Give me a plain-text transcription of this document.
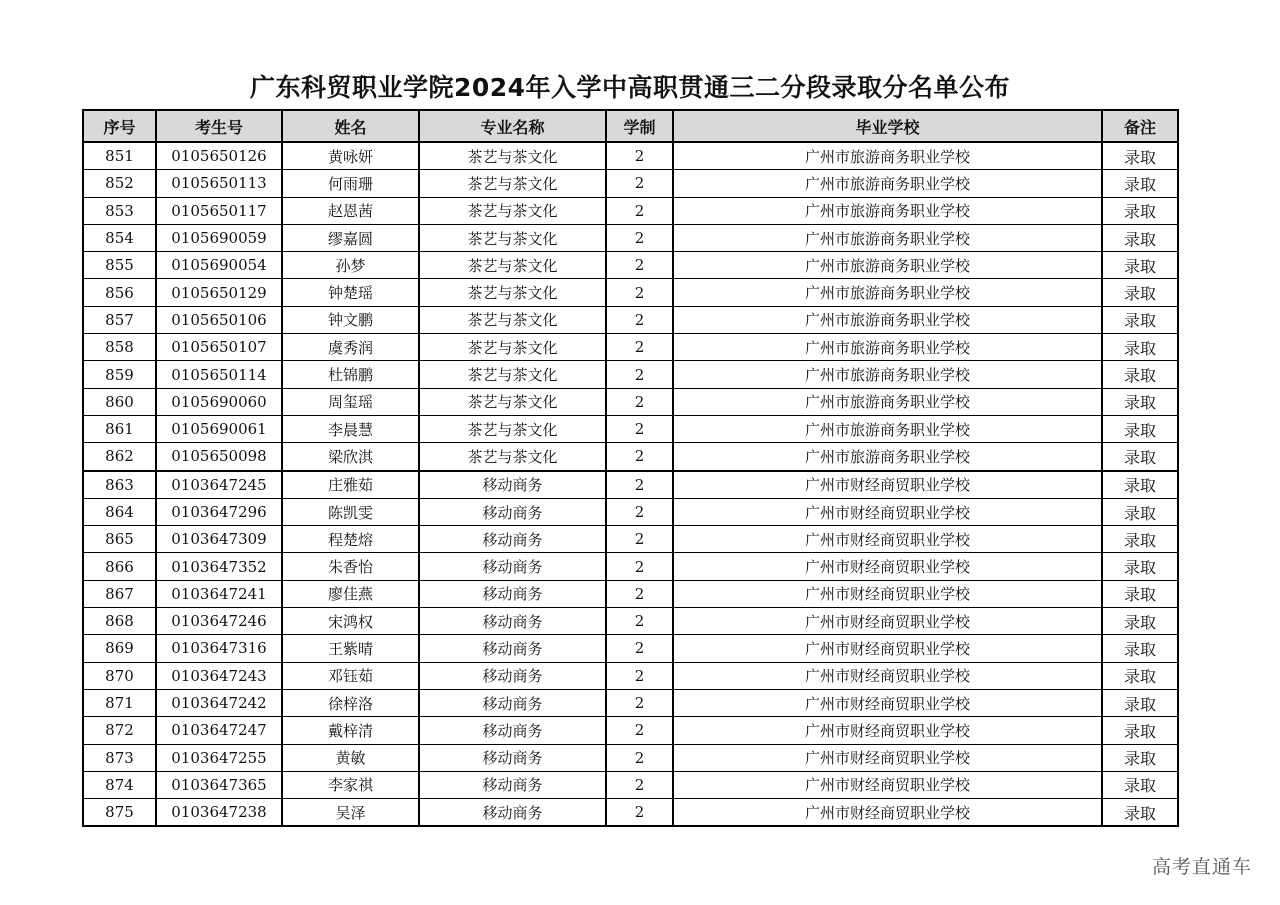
广东科贸职业学院2024年入学中高职贯通三二分段录取分名单公布
序号	考生号	姓名	专业名称	学制	毕业学校	备注
851	0105650126	黄咏妍	茶艺与茶文化	2	广州市旅游商务职业学校	录取
852	0105650113	何雨珊	茶艺与茶文化	2	广州市旅游商务职业学校	录取
853	0105650117	赵恩茜	茶艺与茶文化	2	广州市旅游商务职业学校	录取
854	0105690059	缪嘉圆	茶艺与茶文化	2	广州市旅游商务职业学校	录取
855	0105690054	孙梦	茶艺与茶文化	2	广州市旅游商务职业学校	录取
856	0105650129	钟楚瑶	茶艺与茶文化	2	广州市旅游商务职业学校	录取
857	0105650106	钟文鹏	茶艺与茶文化	2	广州市旅游商务职业学校	录取
858	0105650107	虞秀润	茶艺与茶文化	2	广州市旅游商务职业学校	录取
859	0105650114	杜锦鹏	茶艺与茶文化	2	广州市旅游商务职业学校	录取
860	0105690060	周玺瑶	茶艺与茶文化	2	广州市旅游商务职业学校	录取
861	0105690061	李晨慧	茶艺与茶文化	2	广州市旅游商务职业学校	录取
862	0105650098	梁欣淇	茶艺与茶文化	2	广州市旅游商务职业学校	录取
863	0103647245	庄雅茹	移动商务	2	广州市财经商贸职业学校	录取
864	0103647296	陈凯雯	移动商务	2	广州市财经商贸职业学校	录取
865	0103647309	程楚熔	移动商务	2	广州市财经商贸职业学校	录取
866	0103647352	朱香怡	移动商务	2	广州市财经商贸职业学校	录取
867	0103647241	廖佳燕	移动商务	2	广州市财经商贸职业学校	录取
868	0103647246	宋鸿权	移动商务	2	广州市财经商贸职业学校	录取
869	0103647316	王紫晴	移动商务	2	广州市财经商贸职业学校	录取
870	0103647243	邓钰茹	移动商务	2	广州市财经商贸职业学校	录取
871	0103647242	徐梓洛	移动商务	2	广州市财经商贸职业学校	录取
872	0103647247	戴梓清	移动商务	2	广州市财经商贸职业学校	录取
873	0103647255	黄敏	移动商务	2	广州市财经商贸职业学校	录取
874	0103647365	李家祺	移动商务	2	广州市财经商贸职业学校	录取
875	0103647238	吴泽	移动商务	2	广州市财经商贸职业学校	录取
高考直通车
